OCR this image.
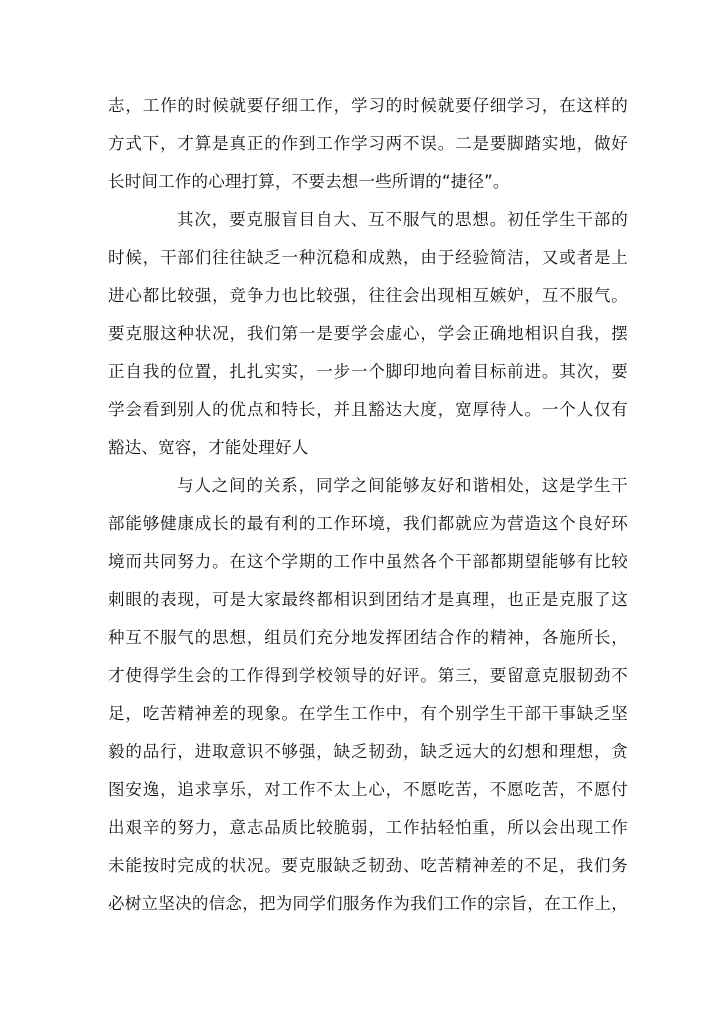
志，工作的时候就要仔细工作，学习的时候就要仔细学习，在这样的
方式下，才算是真正的作到工作学习两不误。二是要脚踏实地，做好
长时间工作的心理打算，不要去想一些所谓的“捷径”。
其次，要克服盲目自大、互不服气的思想。初任学生干部的
时候，干部们往往缺乏一种沉稳和成熟，由于经验简洁，又或者是上
进心都比较强，竞争力也比较强，往往会出现相互嫉妒，互不服气。
要克服这种状况，我们第一是要学会虚心，学会正确地相识自我，摆
正自我的位置，扎扎实实，一步一个脚印地向着目标前进。其次，要
学会看到别人的优点和特长，并且豁达大度，宽厚待人。一个人仅有
豁达、宽容，才能处理好人
与人之间的关系，同学之间能够友好和谐相处，这是学生干
部能够健康成长的最有利的工作环境，我们都就应为营造这个良好环
境而共同努力。在这个学期的工作中虽然各个干部都期望能够有比较
刺眼的表现，可是大家最终都相识到团结才是真理，也正是克服了这
种互不服气的思想，组员们充分地发挥团结合作的精神，各施所长，
才使得学生会的工作得到学校领导的好评。第三，要留意克服韧劲不
足，吃苦精神差的现象。在学生工作中，有个别学生干部干事缺乏坚
毅的品行，进取意识不够强，缺乏韧劲，缺乏远大的幻想和理想，贪
图安逸，追求享乐，对工作不太上心，不愿吃苦，不愿吃苦，不愿付
出艰辛的努力，意志品质比较脆弱，工作拈轻怕重，所以会出现工作
未能按时完成的状况。要克服缺乏韧劲、吃苦精神差的不足，我们务
必树立坚决的信念，把为同学们服务作为我们工作的宗旨，在工作上，
